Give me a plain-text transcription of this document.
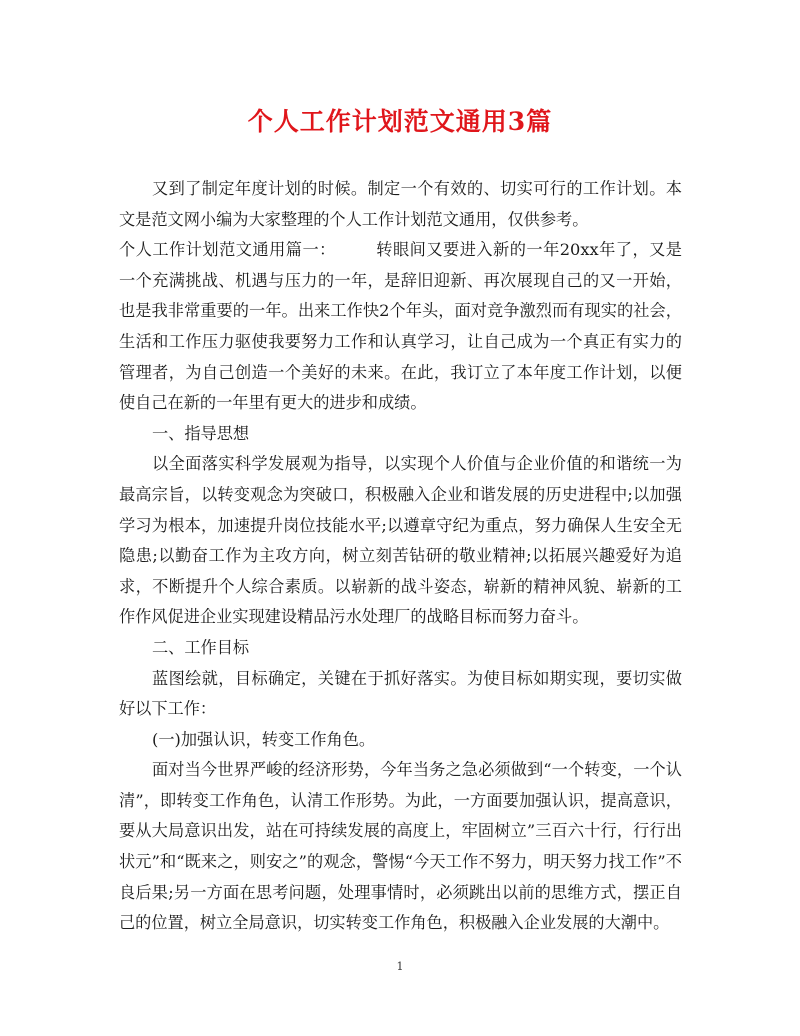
个人工作计划范文通用3篇

又到了制定年度计划的时候。制定一个有效的、切实可行的工作计划。本文是范文网小编为大家整理的个人工作计划范文通用，仅供参考。

个人工作计划范文通用篇一： 转眼间又要进入新的一年20xx年了，又是一个充满挑战、机遇与压力的一年，是辞旧迎新、再次展现自己的又一开始，也是我非常重要的一年。出来工作快2个年头，面对竞争激烈而有现实的社会，生活和工作压力驱使我要努力工作和认真学习，让自己成为一个真正有实力的管理者，为自己创造一个美好的未来。在此，我订立了本年度工作计划，以便使自己在新的一年里有更大的进步和成绩。

一、指导思想

以全面落实科学发展观为指导，以实现个人价值与企业价值的和谐统一为最高宗旨，以转变观念为突破口，积极融入企业和谐发展的历史进程中;以加强学习为根本，加速提升岗位技能水平;以遵章守纪为重点，努力确保人生安全无隐患;以勤奋工作为主攻方向，树立刻苦钻研的敬业精神;以拓展兴趣爱好为追求，不断提升个人综合素质。以崭新的战斗姿态，崭新的精神风貌、崭新的工作作风促进企业实现建设精品污水处理厂的战略目标而努力奋斗。

二、工作目标

蓝图绘就，目标确定，关键在于抓好落实。为使目标如期实现，要切实做好以下工作：

(一)加强认识，转变工作角色。

面对当今世界严峻的经济形势，今年当务之急必须做到“一个转变，一个认清”，即转变工作角色，认清工作形势。为此，一方面要加强认识，提高意识，要从大局意识出发，站在可持续发展的高度上，牢固树立”三百六十行，行行出状元”和“既来之，则安之”的观念，警惕“今天工作不努力，明天努力找工作”不良后果;另一方面在思考问题，处理事情时，必须跳出以前的思维方式，摆正自己的位置，树立全局意识，切实转变工作角色，积极融入企业发展的大潮中。

1
